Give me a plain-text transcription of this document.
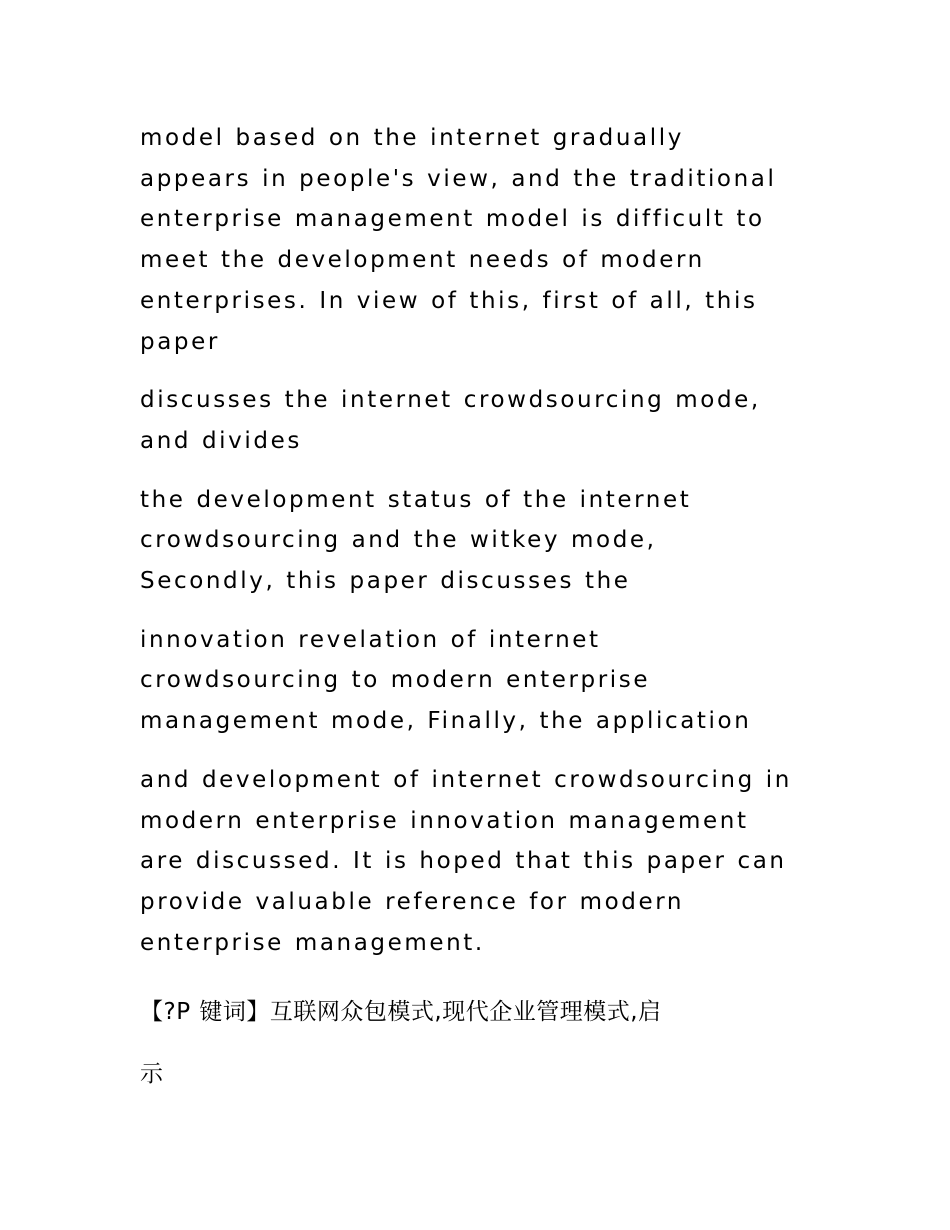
model based on the internet gradually
appears in people's view, and the traditional
enterprise management model is difficult to
meet the development needs of modern
enterprises. In view of this, first of all, this
paper

discusses the internet crowdsourcing mode,
and divides

the development status of the internet
crowdsourcing and the witkey mode,
Secondly, this paper discusses the

innovation revelation of internet
crowdsourcing to modern enterprise
management mode, Finally, the application

and development of internet crowdsourcing in
modern enterprise innovation management
are discussed. It is hoped that this paper can
provide valuable reference for modern
enterprise management.

【?P 键词】互联网众包模式,现代企业管理模式,启
示
